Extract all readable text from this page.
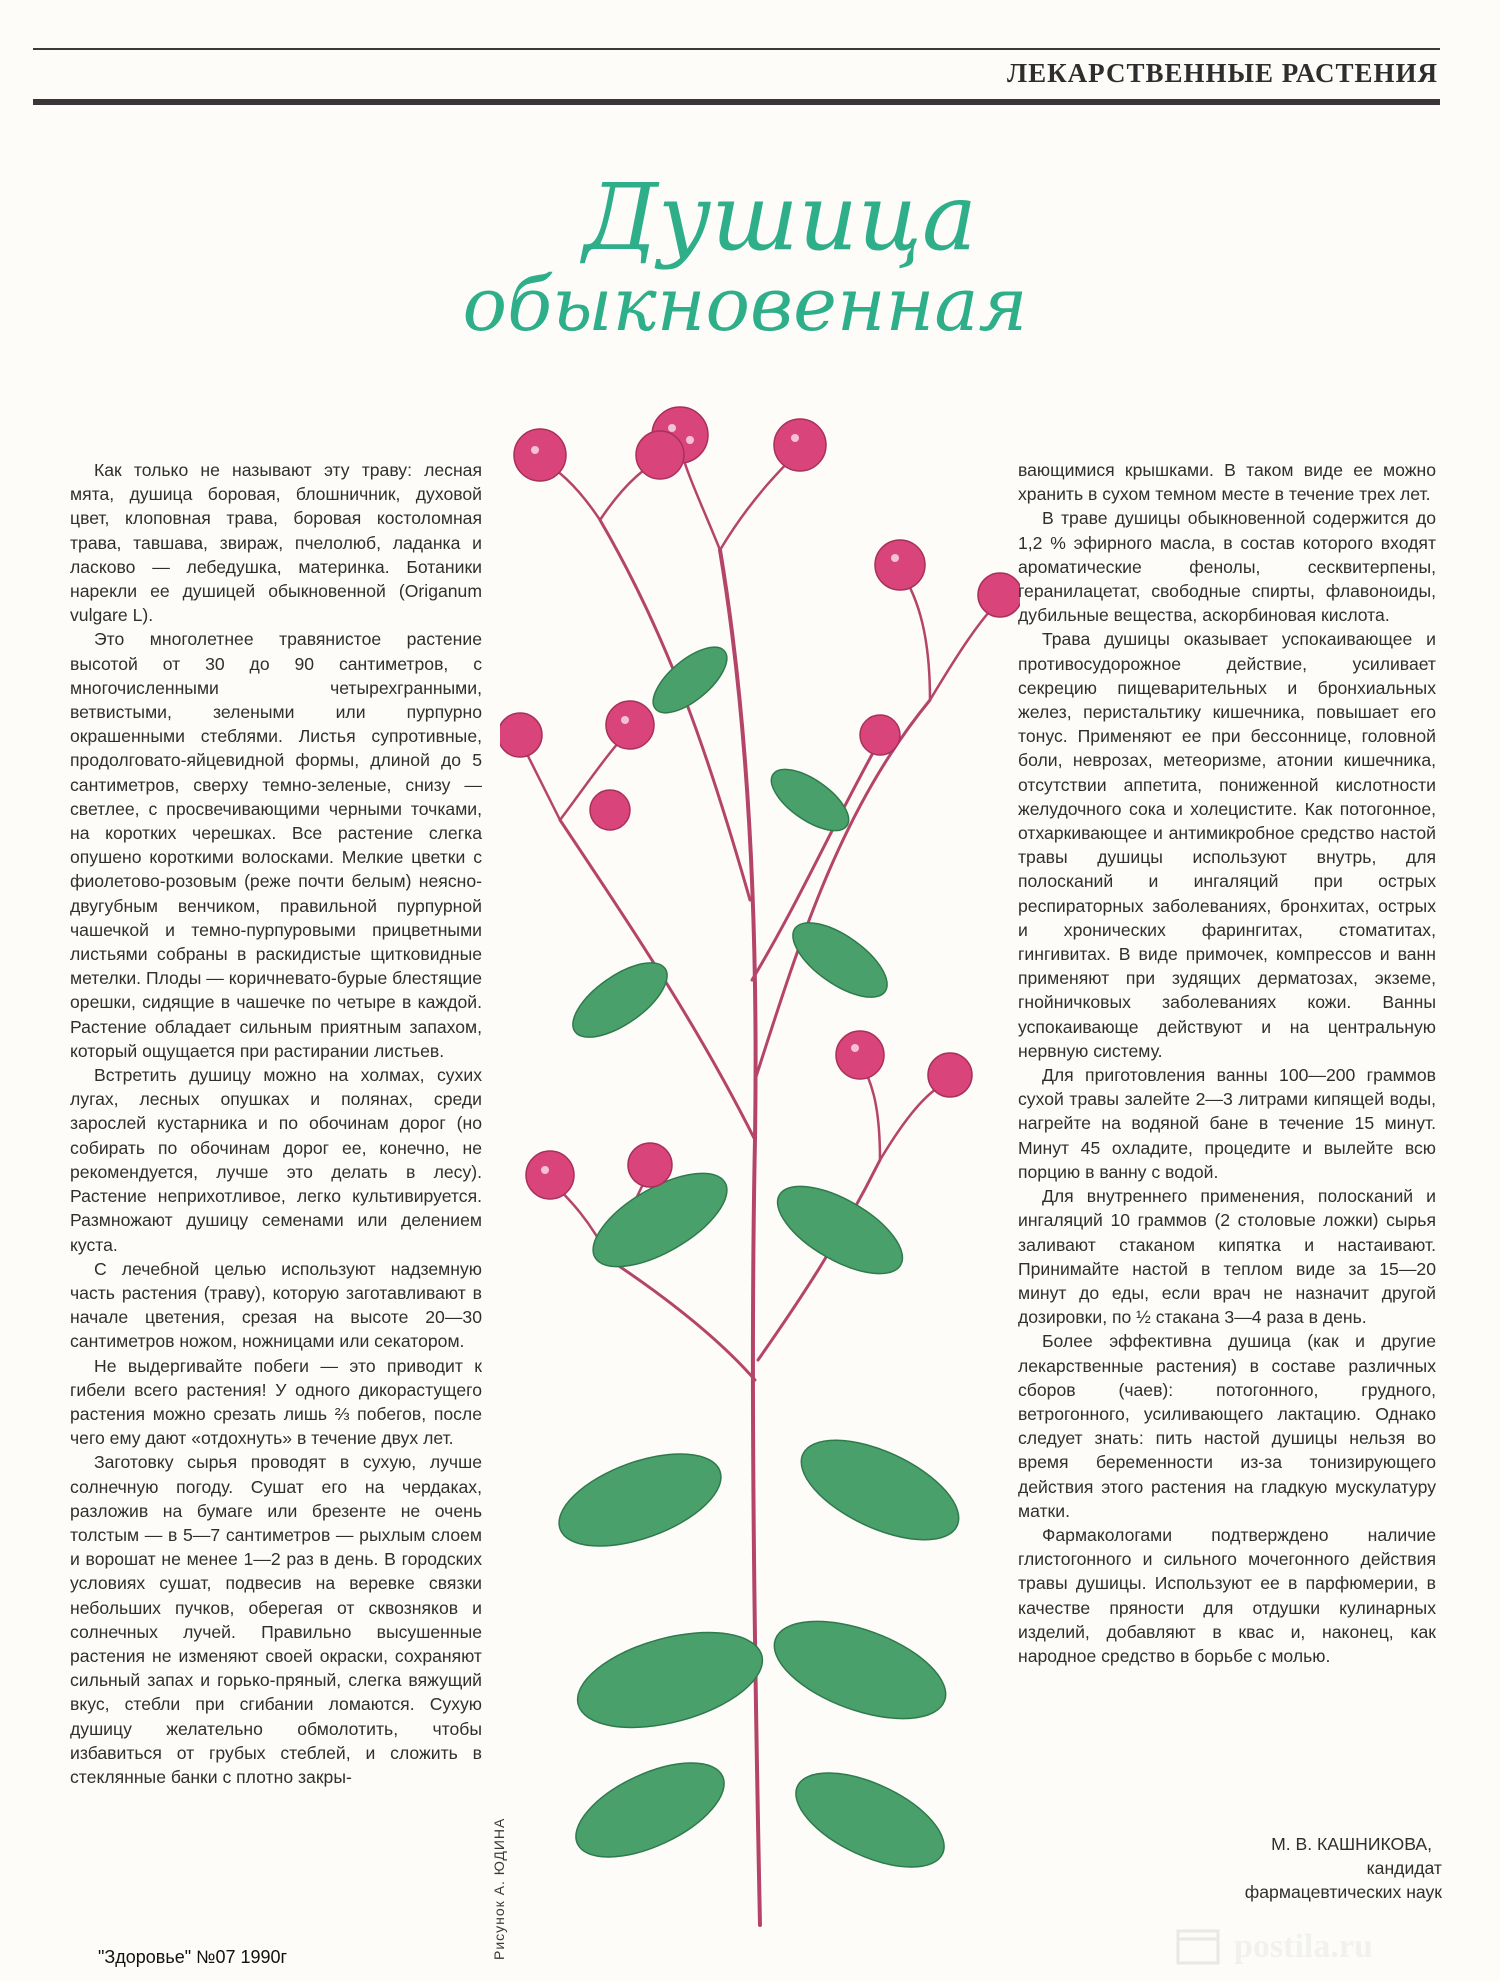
ЛЕКАРСТВЕННЫЕ РАСТЕНИЯ
Душица
обыкновенная

Как только не называют эту траву: лесная мята, душица боровая, блошничник, духовой цвет, клоповная трава, боровая костоломная трава, тавшава, звираж, пчелолюб, ладанка и ласково — лебедушка, материнка. Ботаники нарекли ее душицей обыкновенной (Origanum vulgare L).

Это многолетнее травянистое растение высотой от 30 до 90 сантиметров, с многочисленными четырехгранными, ветвистыми, зелеными или пурпурно окрашенными стеблями. Листья супротивные, продолговато-яйцевидной формы, длиной до 5 сантиметров, сверху темно-зеленые, снизу — светлее, с просвечивающими черными точками, на коротких черешках. Все растение слегка опушено короткими волосками. Мелкие цветки с фиолетово-розовым (реже почти белым) неясно-двугубным венчиком, правильной пурпурной чашечкой и темно-пурпуровыми прицветными листьями собраны в раскидистые щитковидные метелки. Плоды — коричневато-бурые блестящие орешки, сидящие в чашечке по четыре в каждой. Растение обладает сильным приятным запахом, который ощущается при растирании листьев.

Встретить душицу можно на холмах, сухих лугах, лесных опушках и полянах, среди зарослей кустарника и по обочинам дорог (но собирать по обочинам дорог ее, конечно, не рекомендуется, лучше это делать в лесу). Растение неприхотливое, легко культивируется. Размножают душицу семенами или делением куста.

С лечебной целью используют надземную часть растения (траву), которую заготавливают в начале цветения, срезая на высоте 20—30 сантиметров ножом, ножницами или секатором.

Не выдергивайте побеги — это приводит к гибели всего растения! У одного дикорастущего растения можно срезать лишь ⅔ побегов, после чего ему дают «отдохнуть» в течение двух лет.

Заготовку сырья проводят в сухую, лучше солнечную погоду. Сушат его на чердаках, разложив на бумаге или брезенте не очень толстым — в 5—7 сантиметров — рыхлым слоем и ворошат не менее 1—2 раз в день. В городских условиях сушат, подвесив на веревке связки небольших пучков, оберегая от сквозняков и солнечных лучей. Правильно высушенные растения не изменяют своей окраски, сохраняют сильный запах и горько-пряный, слегка вяжущий вкус, стебли при сгибании ломаются. Сухую душицу желательно обмолотить, чтобы избавиться от грубых стеблей, и сложить в стеклянные банки с плотно закры-

Рисунок А. ЮДИНА

вающимися крышками. В таком виде ее можно хранить в сухом темном месте в течение трех лет.

В траве душицы обыкновенной содержится до 1,2 % эфирного масла, в состав которого входят ароматические фенолы, сесквитерпены, геранилацетат, свободные спирты, флавоноиды, дубильные вещества, аскорбиновая кислота.

Трава душицы оказывает успокаивающее и противосудорожное действие, усиливает секрецию пищеварительных и бронхиальных желез, перистальтику кишечника, повышает его тонус. Применяют ее при бессоннице, головной боли, неврозах, метеоризме, атонии кишечника, отсутствии аппетита, пониженной кислотности желудочного сока и холецистите. Как потогонное, отхаркивающее и антимикробное средство настой травы душицы используют внутрь, для полосканий и ингаляций при острых респираторных заболеваниях, бронхитах, острых и хронических фарингитах, стоматитах, гингивитах. В виде примочек, компрессов и ванн применяют при зудящих дерматозах, экземе, гнойничковых заболеваниях кожи. Ванны успокаивающе действуют и на центральную нервную систему.

Для приготовления ванны 100—200 граммов сухой травы залейте 2—3 литрами кипящей воды, нагрейте на водяной бане в течение 15 минут. Минут 45 охладите, процедите и вылейте всю порцию в ванну с водой.

Для внутреннего применения, полосканий и ингаляций 10 граммов (2 столовые ложки) сырья заливают стаканом кипятка и настаивают. Принимайте настой в теплом виде за 15—20 минут до еды, если врач не назначит другой дозировки, по ½ стакана 3—4 раза в день.

Более эффективна душица (как и другие лекарственные растения) в составе различных сборов (чаев): потогонного, грудного, ветрогонного, усиливающего лактацию. Однако следует знать: пить настой душицы нельзя во время беременности из-за тонизирующего действия этого растения на гладкую мускулатуру матки.

Фармакологами подтверждено наличие глистогонного и сильного мочегонного действия травы душицы. Используют ее в парфюмерии, в качестве пряности для отдушки кулинарных изделий, добавляют в квас и, наконец, как народное средство в борьбе с молью.

М. В. КАШНИКОВА,
кандидат
фармацевтических наук
"Здоровье" №07 1990г	postila.ru
